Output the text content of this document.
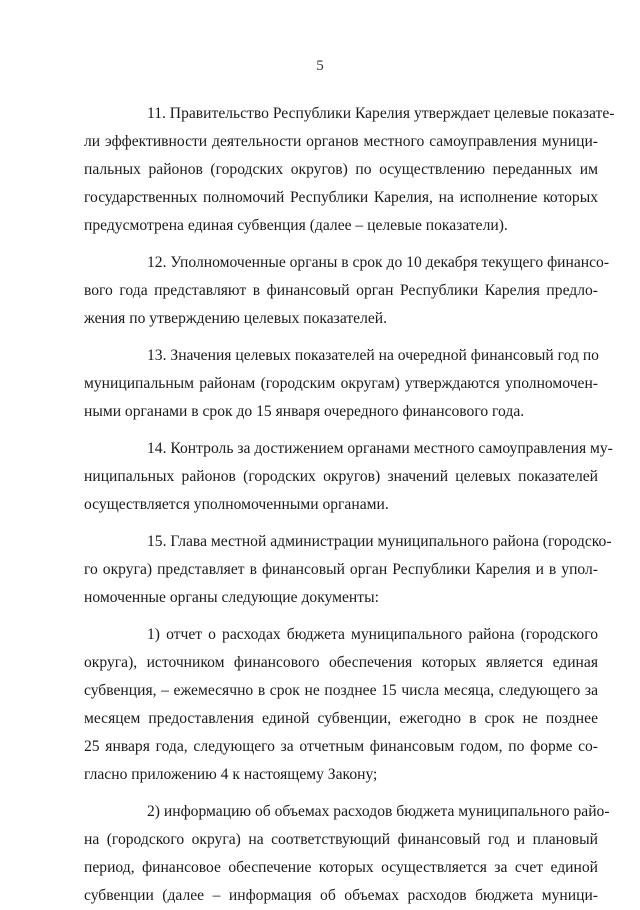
5
11. Правительство Республики Карелия утверждает целевые показате-
ли эффективности деятельности органов местного самоуправления муници-
пальных районов (городских округов) по осуществлению переданных им
государственных полномочий Республики Карелия, на исполнение которых
предусмотрена единая субвенция (далее – целевые показатели).
12. Уполномоченные органы в срок до 10 декабря текущего финансо-
вого года представляют в финансовый орган Республики Карелия предло-
жения по утверждению целевых показателей.
13. Значения целевых показателей на очередной финансовый год по
муниципальным районам (городским округам) утверждаются уполномочен-
ными органами в срок до 15 января очередного финансового года.
14. Контроль за достижением органами местного самоуправления му-
ниципальных районов (городских округов) значений целевых показателей
осуществляется уполномоченными органами.
15. Глава местной администрации муниципального района (городско-
го округа) представляет в финансовый орган Республики Карелия и в упол-
номоченные органы следующие документы:
1) отчет о расходах бюджета муниципального района (городского
округа), источником финансового обеспечения которых является единая
субвенция, – ежемесячно в срок не позднее 15 числа месяца, следующего за
месяцем предоставления единой субвенции, ежегодно в срок не позднее
25 января года, следующего за отчетным финансовым годом, по форме со-
гласно приложению 4 к настоящему Закону;
2) информацию об объемах расходов бюджета муниципального райо-
на (городского округа) на соответствующий финансовый год и плановый
период, финансовое обеспечение которых осуществляется за счет единой
субвенции (далее – информация об объемах расходов бюджета муници-
